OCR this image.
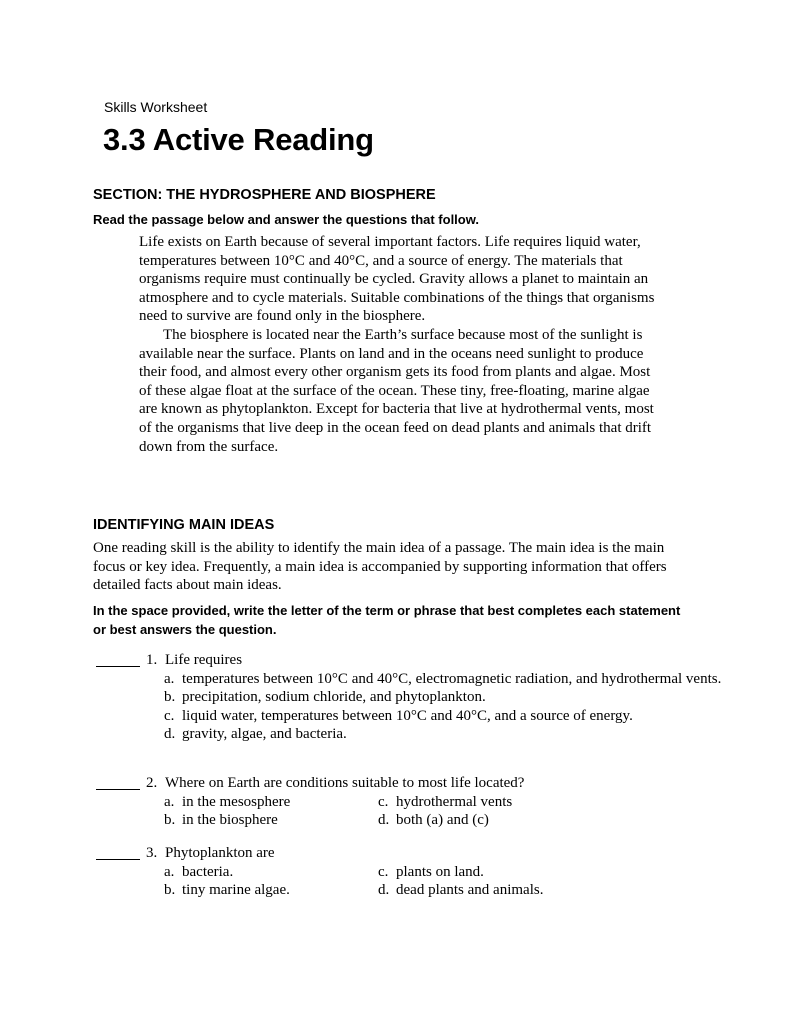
Skills Worksheet
3.3 Active Reading
SECTION: THE HYDROSPHERE AND BIOSPHERE
Read the passage below and answer the questions that follow.

Life exists on Earth because of several important factors. Life requires liquid water, temperatures between 10°C and 40°C, and a source of energy. The materials that organisms require must continually be cycled. Gravity allows a planet to maintain an atmosphere and to cycle materials. Suitable combinations of the things that organisms need to survive are found only in the biosphere.

The biosphere is located near the Earth’s surface because most of the sunlight is available near the surface. Plants on land and in the oceans need sunlight to produce their food, and almost every other organism gets its food from plants and algae. Most of these algae float at the surface of the ocean. These tiny, free-floating, marine algae are known as phytoplankton. Except for bacteria that live at hydrothermal vents, most of the organisms that live deep in the ocean feed on dead plants and animals that drift down from the surface.

IDENTIFYING MAIN IDEAS

One reading skill is the ability to identify the main idea of a passage. The main idea is the main focus or key idea. Frequently, a main idea is accompanied by supporting information that offers detailed facts about main ideas.

In the space provided, write the letter of the term or phrase that best completes each statement or best answers the question.

1. Life requires
a. temperatures between 10°C and 40°C, electromagnetic radiation, and hydrothermal vents.
b. precipitation, sodium chloride, and phytoplankton.
c. liquid water, temperatures between 10°C and 40°C, and a source of energy.
d. gravity, algae, and bacteria.
2. Where on Earth are conditions suitable to most life located?
a. in the mesosphere	c. hydrothermal vents
b. in the biosphere	d. both (a) and (c)
3. Phytoplankton are
a. bacteria.	c. plants on land.
b. tiny marine algae.	d. dead plants and animals.
